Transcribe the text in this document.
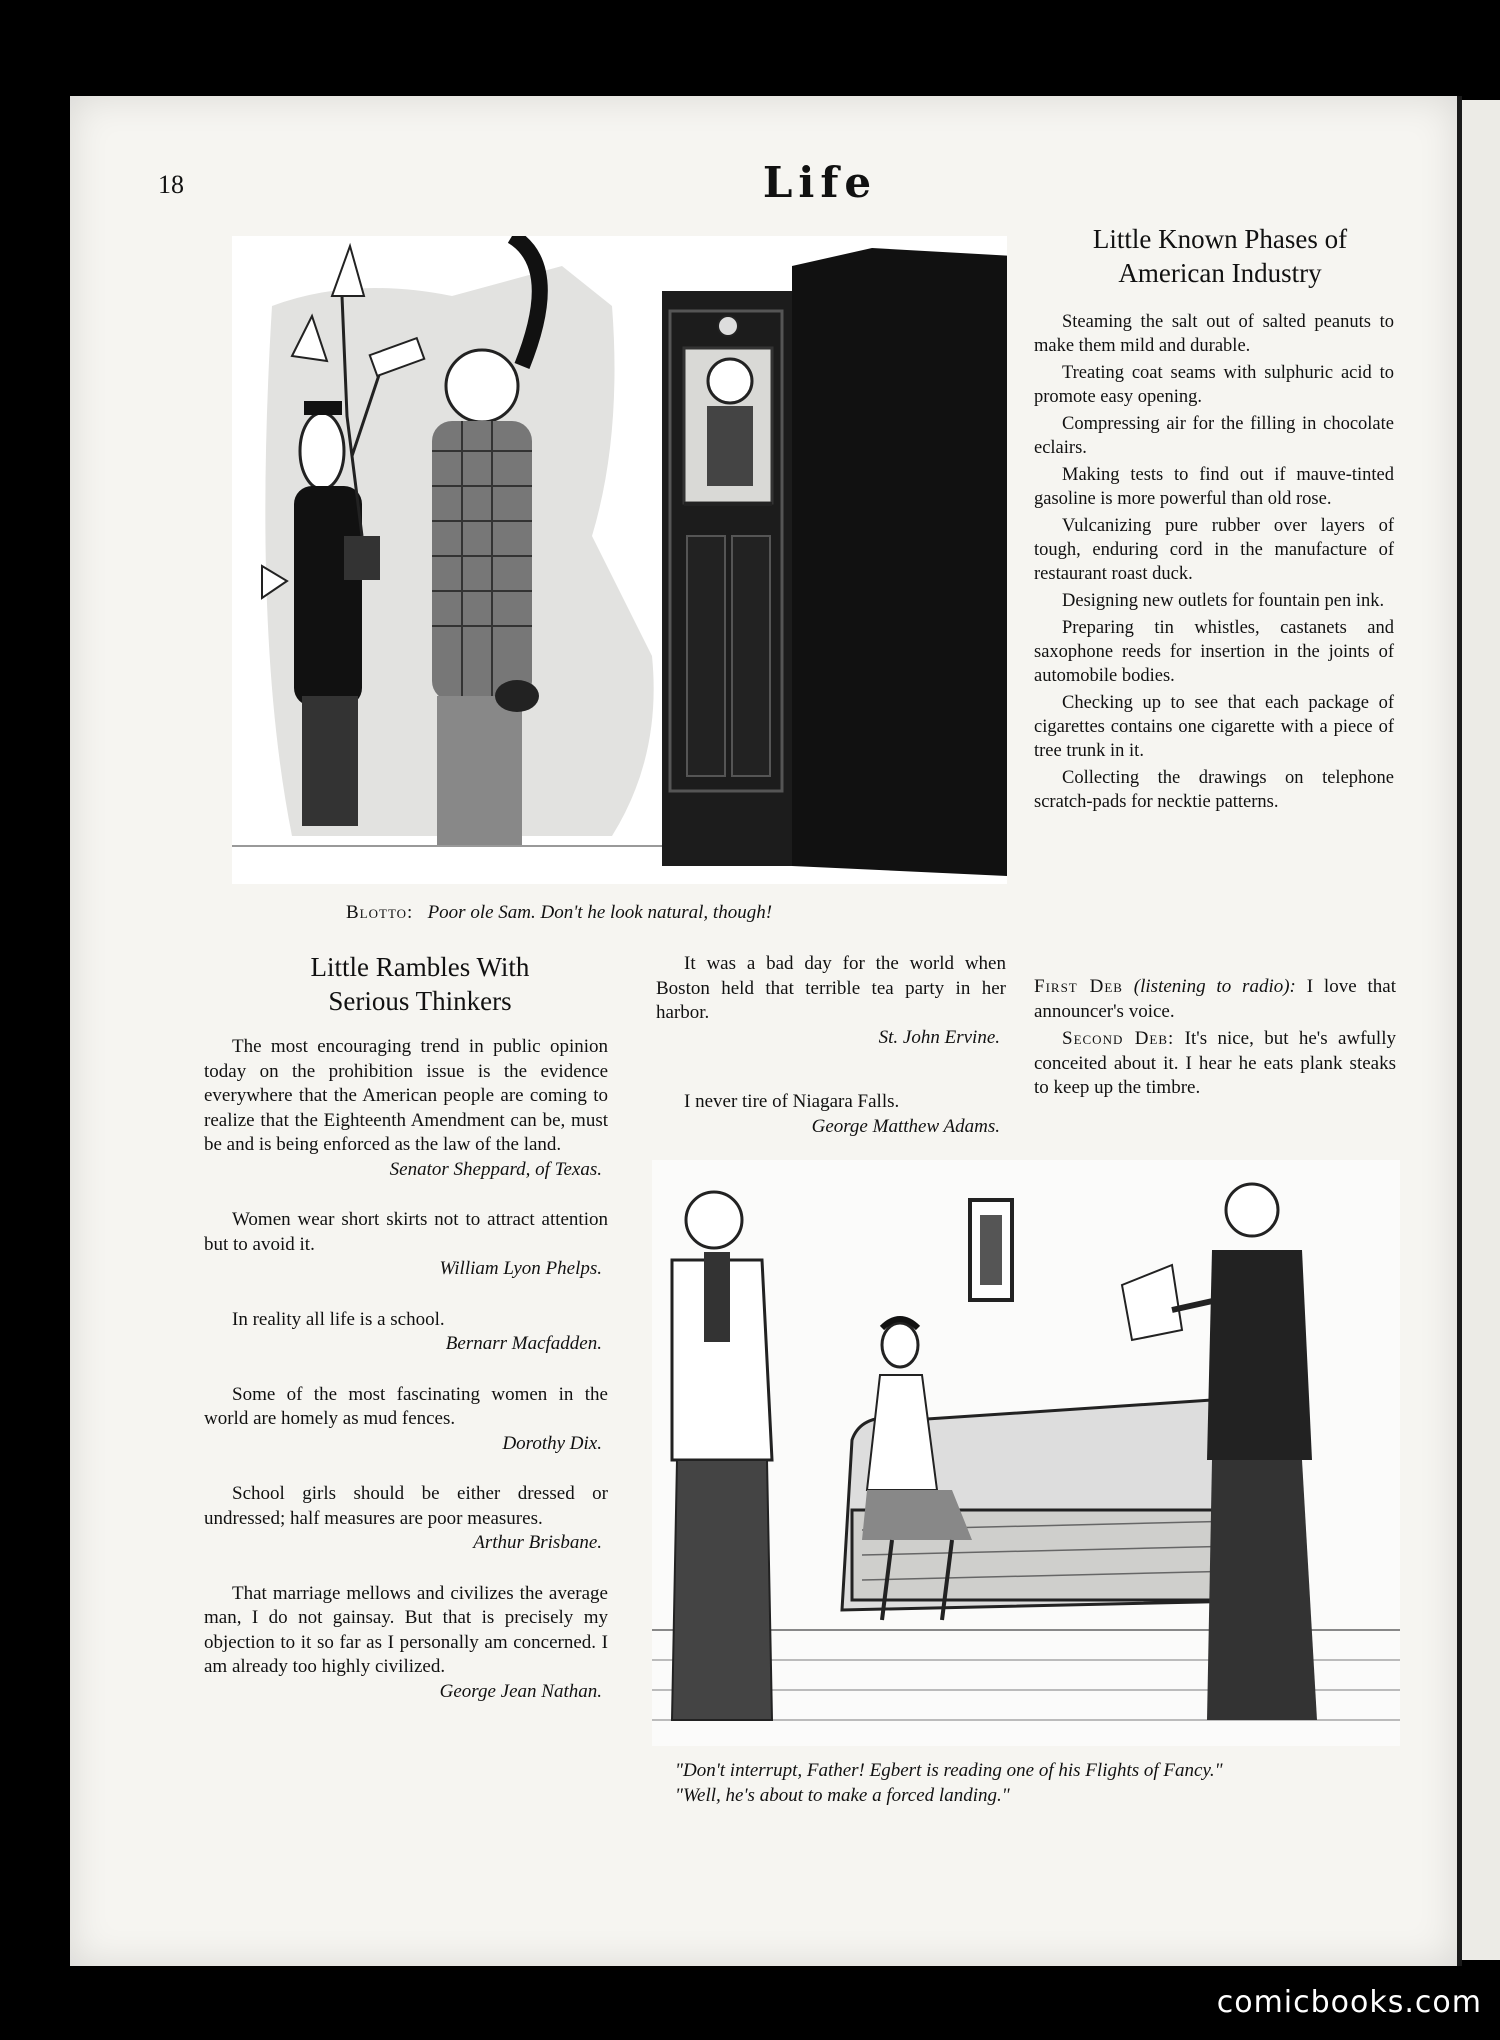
18	Life
Blotto: Poor ole Sam. Don't he look natural, though!
Little Known Phases of
American Industry

Steaming the salt out of salted peanuts to make them mild and durable.

Treating coat seams with sulphuric acid to promote easy opening.

Compressing air for the filling in chocolate eclairs.

Making tests to find out if mauve-tinted gasoline is more powerful than old rose.

Vulcanizing pure rubber over layers of tough, enduring cord in the manufacture of restaurant roast duck.

Designing new outlets for fountain pen ink.

Preparing tin whistles, castanets and saxophone reeds for insertion in the joints of automobile bodies.

Checking up to see that each package of cigarettes contains one cigarette with a piece of tree trunk in it.

Collecting the drawings on telephone scratch-pads for necktie patterns.

Little Rambles With
Serious Thinkers
The most encouraging trend in public opinion today on the prohibition issue is the evidence everywhere that the American people are coming to realize that the Eighteenth Amendment can be, must be and is being enforced as the law of the land.
Senator Sheppard, of Texas.
Women wear short skirts not to attract attention but to avoid it.
William Lyon Phelps.
In reality all life is a school.
Bernarr Macfadden.
Some of the most fascinating women in the world are homely as mud fences.
Dorothy Dix.
School girls should be either dressed or undressed; half measures are poor measures.
Arthur Brisbane.
That marriage mellows and civilizes the average man, I do not gainsay. But that is precisely my objection to it so far as I personally am concerned. I am already too highly civilized.
George Jean Nathan.
It was a bad day for the world when Boston held that terrible tea party in her harbor.
St. John Ervine.
I never tire of Niagara Falls.
George Matthew Adams.

First Deb (listening to radio): I love that announcer's voice.

Second Deb: It's nice, but he's awfully conceited about it. I hear he eats plank steaks to keep up the timbre.

"Don't interrupt, Father! Egbert is reading one of his Flights of Fancy."
"Well, he's about to make a forced landing."
comicbooks.com
